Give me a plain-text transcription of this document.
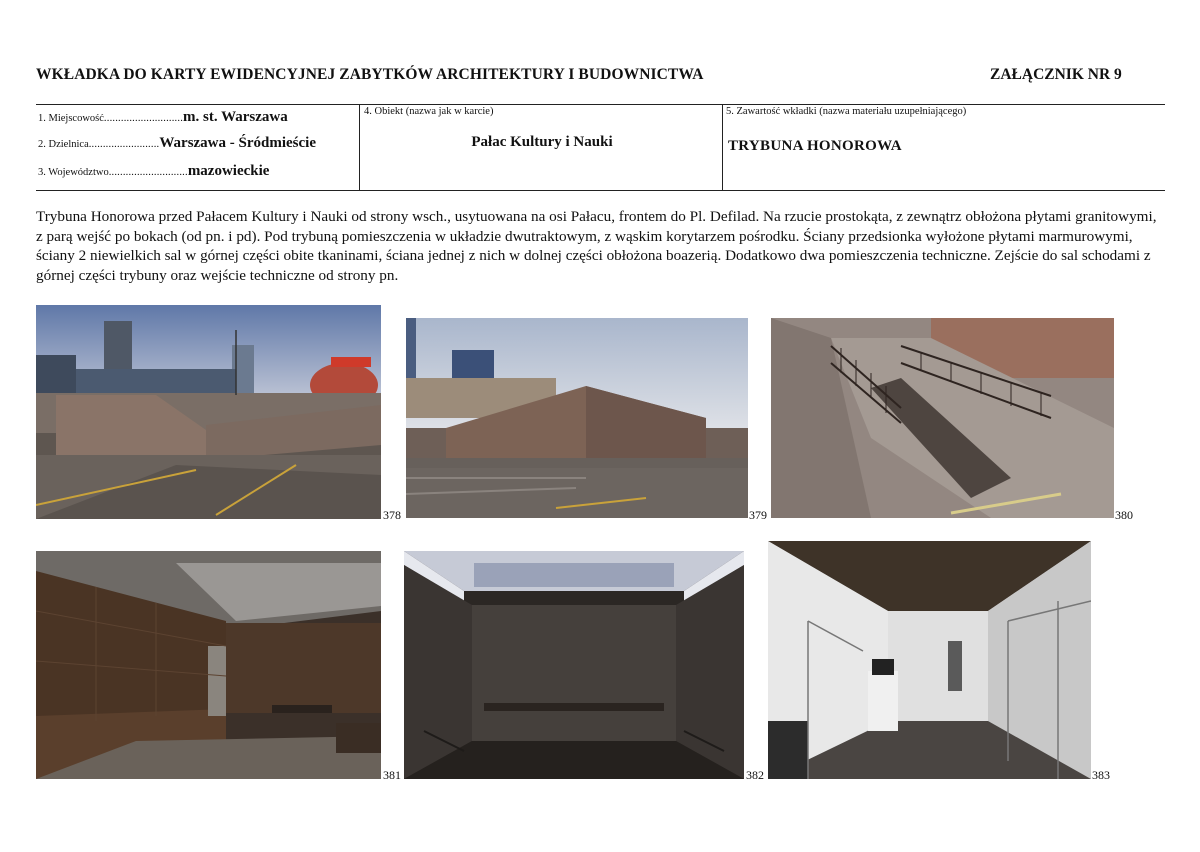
WKŁADKA DO KARTY EWIDENCYJNEJ ZABYTKÓW ARCHITEKTURY I BUDOWNICTWA	ZAŁĄCZNIK NR 9
1. Miejscowość............................m. st. Warszawa
2. Dzielnica.........................Warszawa - Śródmieście
3. Województwo............................mazowieckie
4. Obiekt (nazwa jak w karcie)
Pałac Kultury i Nauki
5. Zawartość wkładki (nazwa materiału uzupełniającego)
TRYBUNA HONOROWA
Trybuna Honorowa przed Pałacem Kultury i Nauki od strony wsch., usytuowana na osi Pałacu, frontem do Pl. Defilad. Na rzucie prostokąta, z zewnątrz obłożona płytami granitowymi, z parą wejść po bokach (od pn. i pd). Pod trybuną pomieszczenia w układzie dwutraktowym, z wąskim korytarzem pośrodku. Ściany przedsionka wyłożone płytami marmurowymi, ściany 2 niewielkich sal w górnej części obite tkaninami, ściana jednej z nich w dolnej części obłożona boazerią. Dodatkowo dwa pomieszczenia techniczne. Zejście do sal schodami z górnej części trybuny oraz wejście techniczne od strony pn.
378	379	380
381	382	383
